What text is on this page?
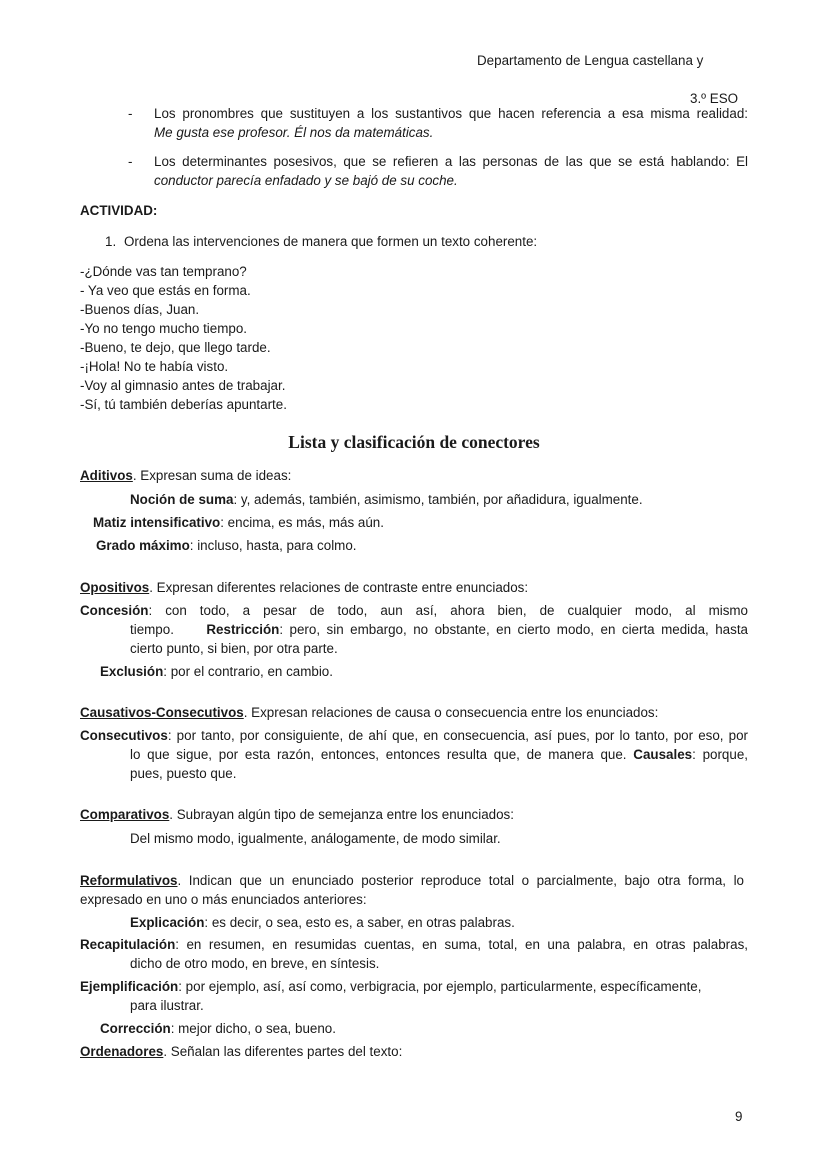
Departamento de Lengua castellana y
3.º ESO
- Los pronombres que sustituyen a los sustantivos que hacen referencia a esa misma realidad:
Me gusta ese profesor. Él nos da matemáticas.
- Los determinantes posesivos, que se refieren a las personas de las que se está hablando: El
conductor parecía enfadado y se bajó de su coche.
ACTIVIDAD:
1. Ordena las intervenciones de manera que formen un texto coherente:
-¿Dónde vas tan temprano?
- Ya veo que estás en forma.
-Buenos días, Juan.
-Yo no tengo mucho tiempo.
-Bueno, te dejo, que llego tarde.
-¡Hola! No te había visto.
-Voy al gimnasio antes de trabajar.
-Sí, tú también deberías apuntarte.
Lista y clasificación de conectores
Aditivos. Expresan suma de ideas:
Noción de suma: y, además, también, asimismo, también, por añadidura, igualmente.
Matiz intensificativo: encima, es más, más aún.
Grado máximo: incluso, hasta, para colmo.
Opositivos. Expresan diferentes relaciones de contraste entre enunciados:
Concesión: con todo, a pesar de todo, aun así, ahora bien, de cualquier modo, al mismo
tiempo. Restricción: pero, sin embargo, no obstante, en cierto modo, en cierta medida, hasta
cierto punto, si bien, por otra parte.
Exclusión: por el contrario, en cambio.
Causativos-Consecutivos. Expresan relaciones de causa o consecuencia entre los enunciados:
Consecutivos: por tanto, por consiguiente, de ahí que, en consecuencia, así pues, por lo tanto, por eso, por
lo que sigue, por esta razón, entonces, entonces resulta que, de manera que. Causales: porque,
pues, puesto que.
Comparativos. Subrayan algún tipo de semejanza entre los enunciados:
Del mismo modo, igualmente, análogamente, de modo similar.
Reformulativos. Indican que un enunciado posterior reproduce total o parcialmente, bajo otra forma, lo
expresado en uno o más enunciados anteriores:
Explicación: es decir, o sea, esto es, a saber, en otras palabras.
Recapitulación: en resumen, en resumidas cuentas, en suma, total, en una palabra, en otras palabras,
dicho de otro modo, en breve, en síntesis.
Ejemplificación: por ejemplo, así, así como, verbigracia, por ejemplo, particularmente, específicamente,
para ilustrar.
Corrección: mejor dicho, o sea, bueno.
Ordenadores. Señalan las diferentes partes del texto:
9
